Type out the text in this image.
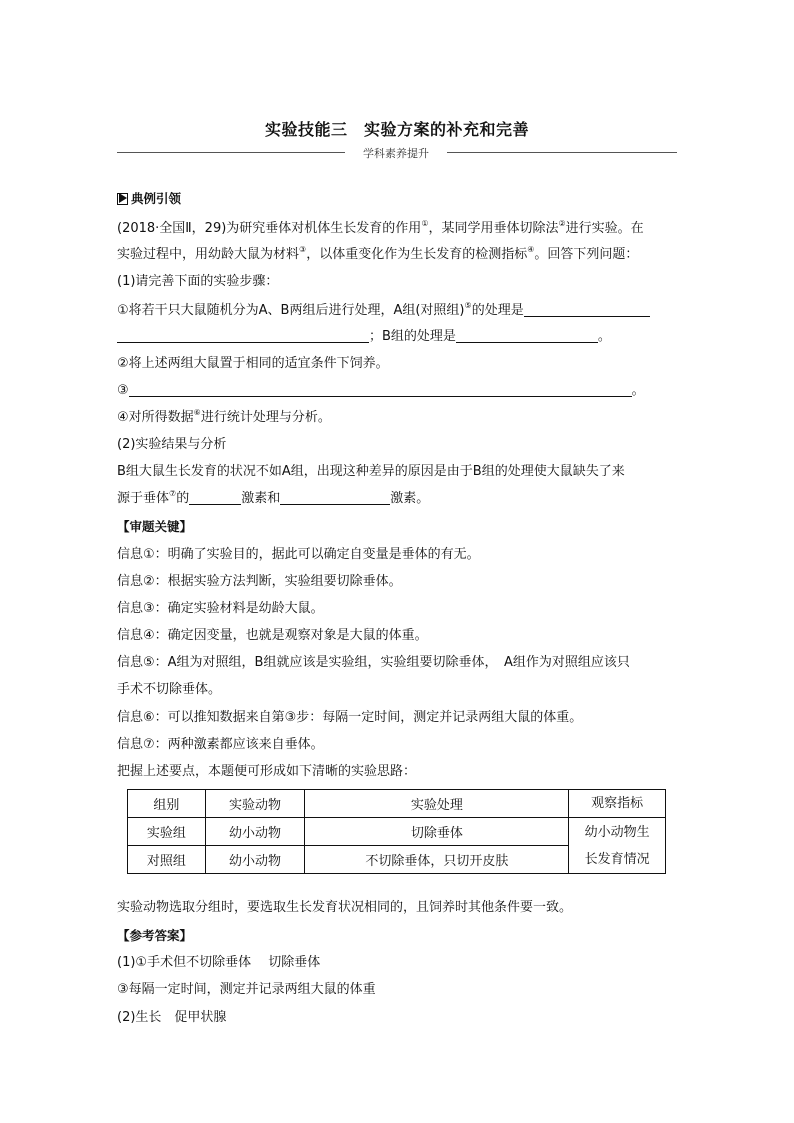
实验技能三　实验方案的补充和完善
学科素养提升
典例引领
(2018·全国Ⅱ，29)为研究垂体对机体生长发育的作用①，某同学用垂体切除法②进行实验。在
实验过程中，用幼龄大鼠为材料③，以体重变化作为生长发育的检测指标④。回答下列问题：
(1)请完善下面的实验步骤：
①将若干只大鼠随机分为A、B两组后进行处理，A组(对照组)⑤的处理是
；B组的处理是	。
②将上述两组大鼠置于相同的适宜条件下饲养。
③	。
④对所得数据⑥进行统计处理与分析。
(2)实验结果与分析
B组大鼠生长发育的状况不如A组，出现这种差异的原因是由于B组的处理使大鼠缺失了来
源于垂体⑦的	激素和	激素。
【审题关键】
信息①：明确了实验目的，据此可以确定自变量是垂体的有无。
信息②：根据实验方法判断，实验组要切除垂体。
信息③：确定实验材料是幼龄大鼠。
信息④：确定因变量，也就是观察对象是大鼠的体重。
信息⑤：A组为对照组，B组就应该是实验组，实验组要切除垂体，　A组作为对照组应该只
手术不切除垂体。
信息⑥：可以推知数据来自第③步：每隔一定时间，测定并记录两组大鼠的体重。
信息⑦：两种激素都应该来自垂体。
把握上述要点，本题便可形成如下清晰的实验思路：
组别	实验动物	实验处理	观察指标
实验组	幼小动物	切除垂体	幼小动物生
长发育情况
对照组	幼小动物	不切除垂体，只切开皮肤	
实验动物选取分组时，要选取生长发育状况相同的，且饲养时其他条件要一致。
【参考答案】
(1)①手术但不切除垂体　 切除垂体
③每隔一定时间，测定并记录两组大鼠的体重
(2)生长　促甲状腺
